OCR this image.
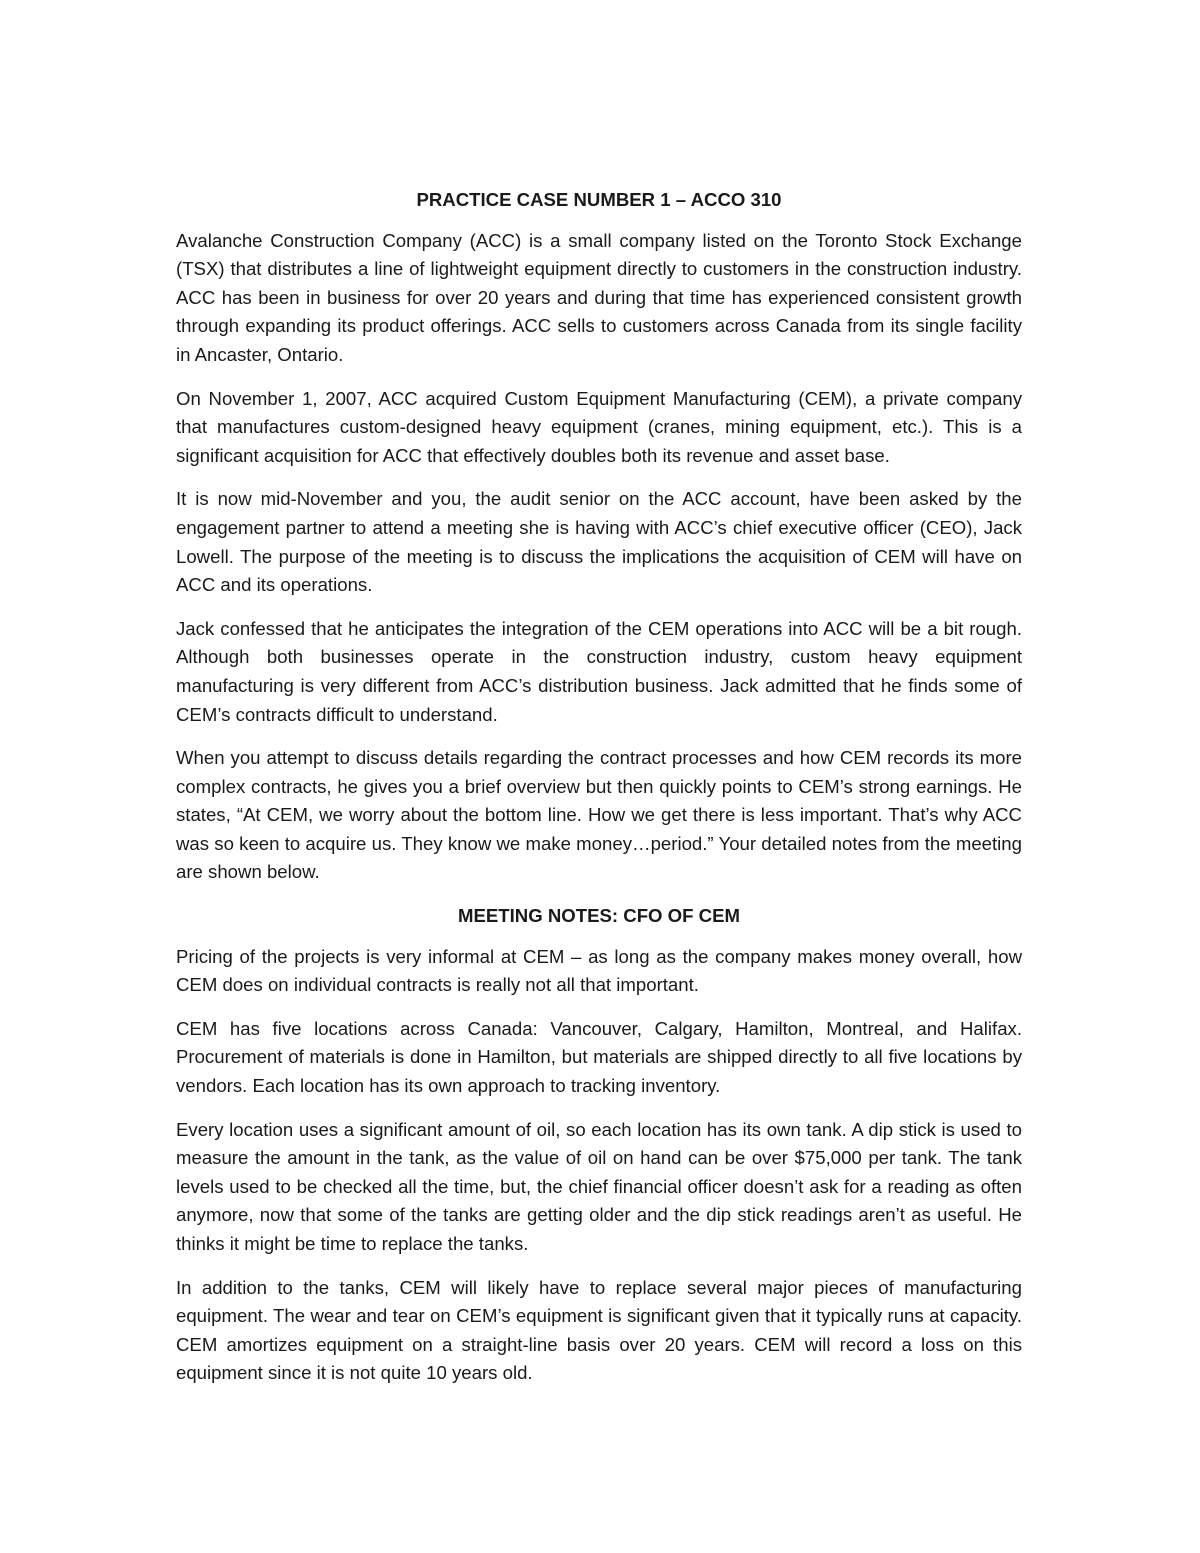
PRACTICE CASE NUMBER 1 – ACCO 310

Avalanche Construction Company (ACC) is a small company listed on the Toronto Stock Exchange (TSX) that distributes a line of lightweight equipment directly to customers in the construction industry. ACC has been in business for over 20 years and during that time has experienced consistent growth through expanding its product offerings. ACC sells to customers across Canada from its single facility in Ancaster, Ontario.

On November 1, 2007, ACC acquired Custom Equipment Manufacturing (CEM), a private company that manufactures custom-designed heavy equipment (cranes, mining equipment, etc.). This is a significant acquisition for ACC that effectively doubles both its revenue and asset base.

It is now mid-November and you, the audit senior on the ACC account, have been asked by the engagement partner to attend a meeting she is having with ACC’s chief executive officer (CEO), Jack Lowell. The purpose of the meeting is to discuss the implications the acquisition of CEM will have on ACC and its operations.

Jack confessed that he anticipates the integration of the CEM operations into ACC will be a bit rough. Although both businesses operate in the construction industry, custom heavy equipment manufacturing is very different from ACC’s distribution business. Jack admitted that he finds some of CEM’s contracts difficult to understand.

When you attempt to discuss details regarding the contract processes and how CEM records its more complex contracts, he gives you a brief overview but then quickly points to CEM’s strong earnings. He states, “At CEM, we worry about the bottom line. How we get there is less important. That’s why ACC was so keen to acquire us. They know we make money…period.” Your detailed notes from the meeting are shown below.

MEETING NOTES: CFO OF CEM

Pricing of the projects is very informal at CEM – as long as the company makes money overall, how CEM does on individual contracts is really not all that important.

CEM has five locations across Canada: Vancouver, Calgary, Hamilton, Montreal, and Halifax. Procurement of materials is done in Hamilton, but materials are shipped directly to all five locations by vendors. Each location has its own approach to tracking inventory.

Every location uses a significant amount of oil, so each location has its own tank. A dip stick is used to measure the amount in the tank, as the value of oil on hand can be over $75,000 per tank. The tank levels used to be checked all the time, but, the chief financial officer doesn’t ask for a reading as often anymore, now that some of the tanks are getting older and the dip stick readings aren’t as useful. He thinks it might be time to replace the tanks.

In addition to the tanks, CEM will likely have to replace several major pieces of manufacturing equipment. The wear and tear on CEM’s equipment is significant given that it typically runs at capacity. CEM amortizes equipment on a straight-line basis over 20 years. CEM will record a loss on this equipment since it is not quite 10 years old.
